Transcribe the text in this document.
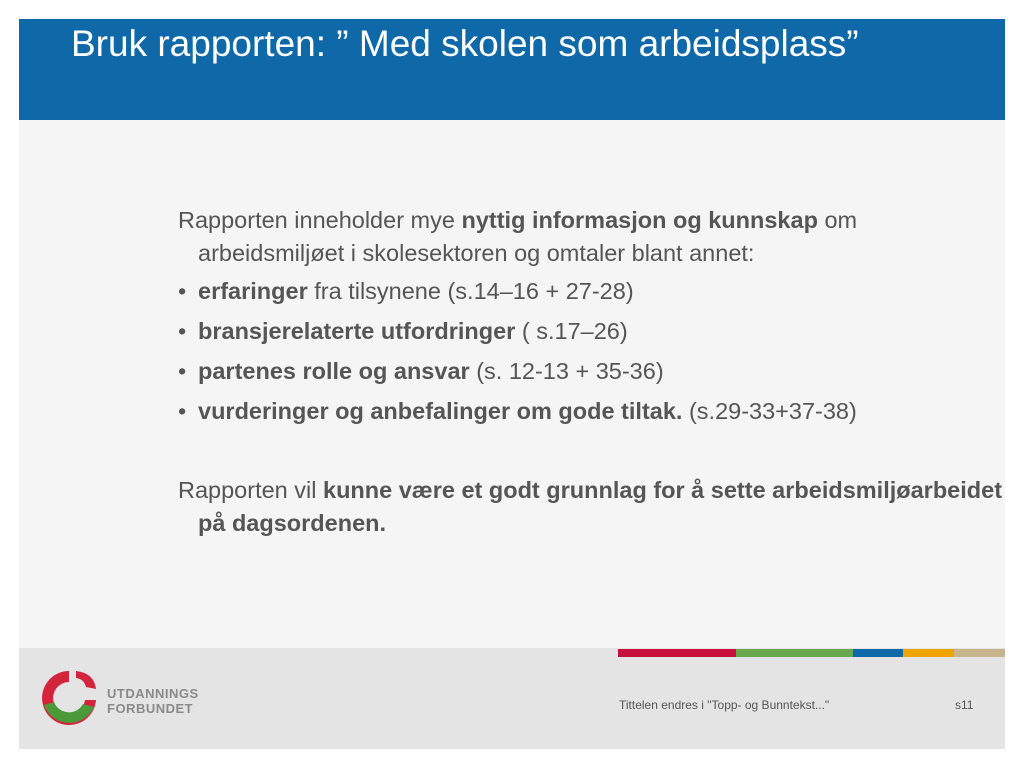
Bruk rapporten: ” Med skolen som arbeidsplass”

Rapporten inneholder mye nyttig informasjon og kunnskap om arbeidsmiljøet i skolesektoren og omtaler blant annet:

• erfaringer fra tilsynene (s.14–16 + 27-28)
• bransjerelaterte utfordringer ( s.17–26)
• partenes rolle og ansvar (s. 12-13 + 35-36)
• vurderinger og anbefalinger om gode tiltak. (s.29-33+37-38)

Rapporten vil kunne være et godt grunnlag for å sette arbeidsmiljøarbeidet på dagsordenen.

UTDANNINGS
FORBUNDET	Tittelen endres i "Topp- og Bunntekst..."	s11
